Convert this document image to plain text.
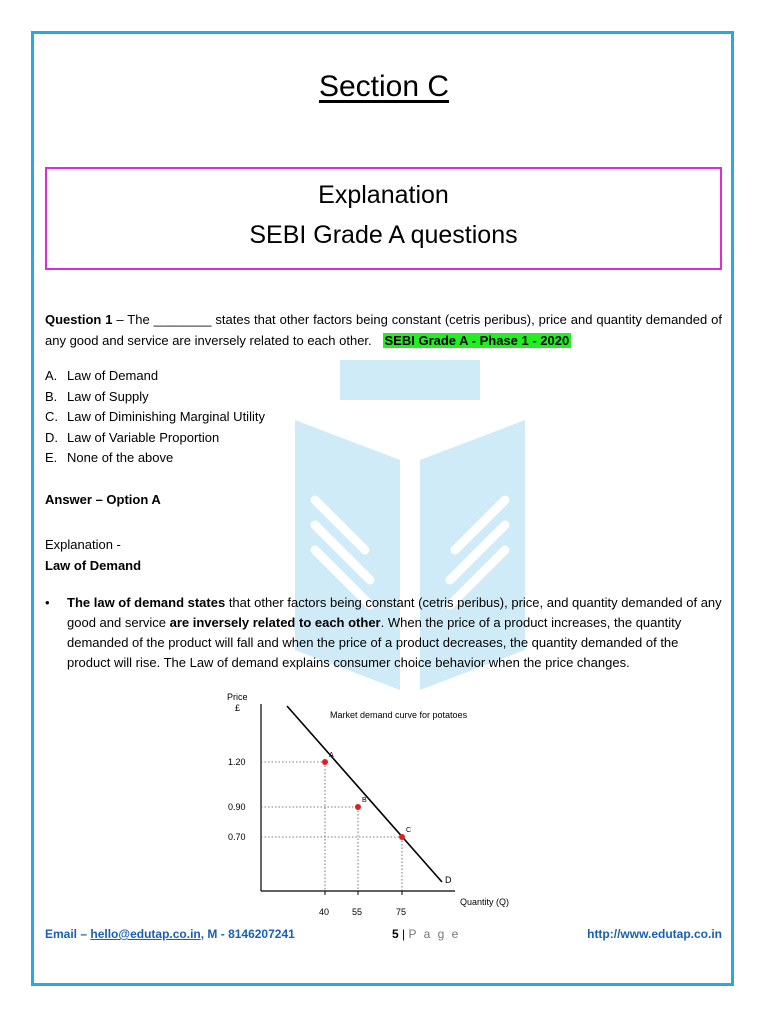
Section C
Explanation
SEBI Grade A questions
Question 1 – The ________ states that other factors being constant (cetris peribus), price and quantity demanded of any good and service are inversely related to each other. SEBI Grade A - Phase 1 - 2020
A. Law of Demand
B. Law of Supply
C. Law of Diminishing Marginal Utility
D. Law of Variable Proportion
E. None of the above
Answer – Option A
Explanation -
Law of Demand
• The law of demand states that other factors being constant (cetris peribus), price, and quantity demanded of any good and service are inversely related to each other. When the price of a product increases, the quantity demanded of the product will fall and when the price of a product decreases, the quantity demanded of the product will rise. The Law of demand explains consumer choice behavior when the price changes.
Price
£
Quantity (Q)
Market demand curve for potatoes
D
A
1.20
40
B
0.90
55
C
0.70
75
Email – hello@edutap.co.in, M - 8146207241	5 | P a g e	http://www.edutap.co.in
